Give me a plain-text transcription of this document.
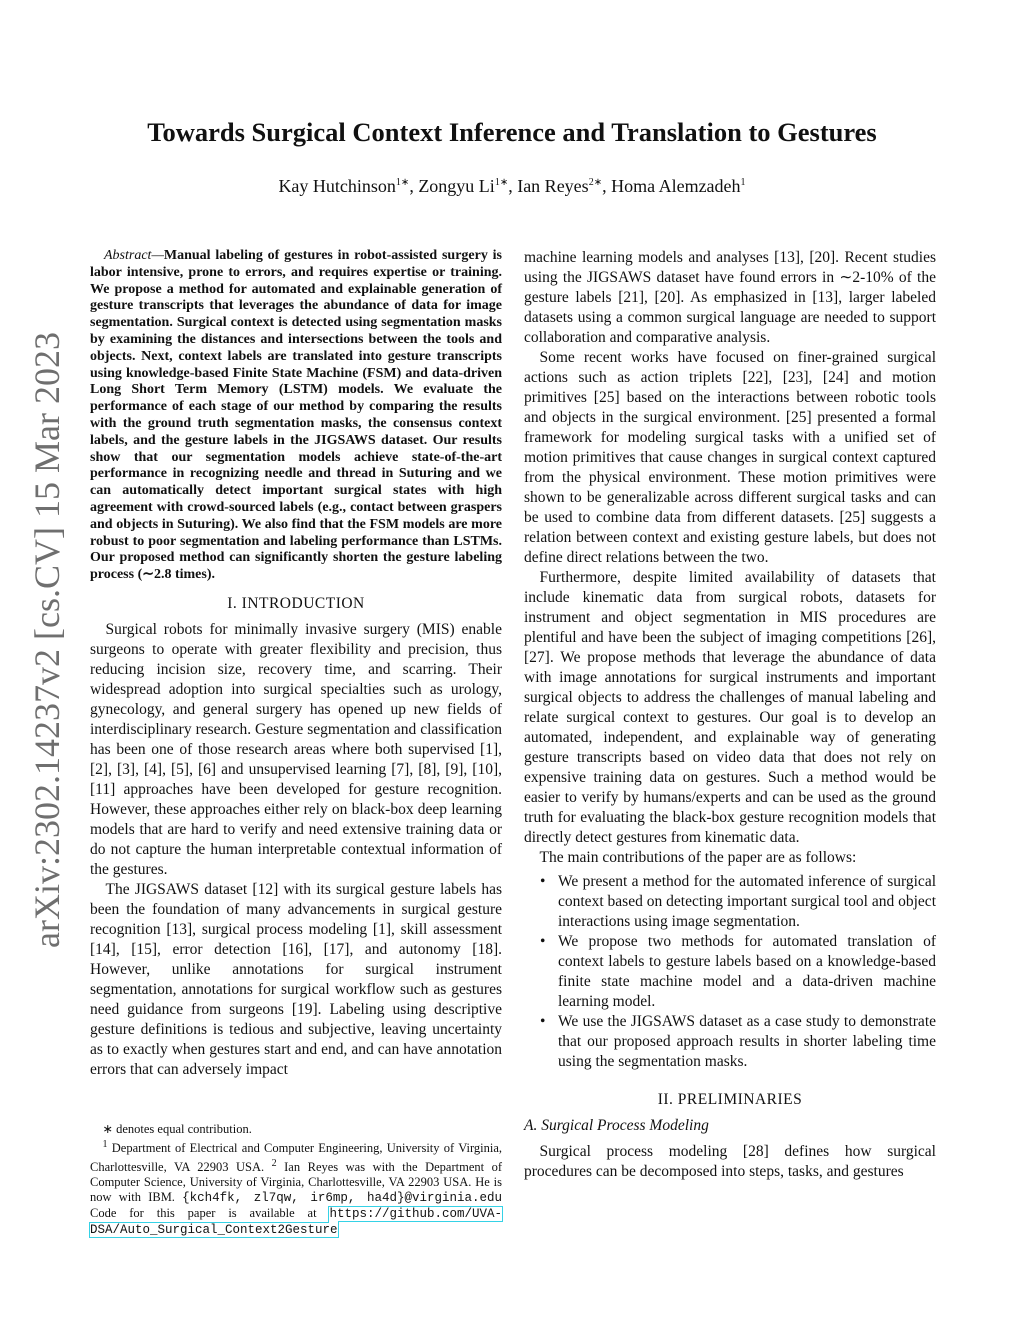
arXiv:2302.14237v2 [cs.CV] 15 Mar 2023
Towards Surgical Context Inference and Translation to Gestures
Kay Hutchinson$^{1∗}$, Zongyu $Li^{1∗}$, Ian Reyes$^{2∗}$, Homa Alemzadeh$^1$
Abstract—Manual labeling of gestures in robot-assisted surgery is labor intensive, prone to errors, and requires expertise or training. We propose a method for automated and explainable generation of gesture transcripts that leverages the abundance of data for image segmentation. Surgical context is detected using segmentation masks by examining the distances and intersections between the tools and objects. Next, context labels are translated into gesture transcripts using knowledge-based Finite State Machine (FSM) and data-driven Long Short Term Memory (LSTM) models. We evaluate the performance of each stage of our method by comparing the results with the ground truth segmentation masks, the consensus context labels, and the gesture labels in the JIGSAWS dataset. Our results show that our segmentation models achieve state-of-the-art performance in recognizing needle and thread in Suturing and we can automatically detect important surgical states with high agreement with crowd-sourced labels (e.g., contact between graspers and objects in Suturing). We also find that the FSM models are more robust to poor segmentation and labeling performance than LSTMs. Our proposed method can significantly shorten the gesture labeling process (∼2.8 times).
I. INTRODUCTION

Surgical robots for minimally invasive surgery (MIS) enable surgeons to operate with greater flexibility and precision, thus reducing incision size, recovery time, and scarring. Their widespread adoption into surgical specialties such as urology, gynecology, and general surgery has opened up new fields of interdisciplinary research. Gesture segmentation and classification has been one of those research areas where both supervised [1], [2], [3], [4], [5], [6] and unsupervised learning [7], [8], [9], [10], [11] approaches have been developed for gesture recognition. However, these approaches either rely on black-box deep learning models that are hard to verify and need extensive training data or do not capture the human interpretable contextual information of the gestures.

The JIGSAWS dataset [12] with its surgical gesture labels has been the foundation of many advancements in surgical gesture recognition [13], surgical process modeling [1], skill assessment [14], [15], error detection [16], [17], and autonomy [18]. However, unlike annotations for surgical instrument segmentation, annotations for surgical workflow such as gestures need guidance from surgeons [19]. Labeling using descriptive gesture definitions is tedious and subjective, leaving uncertainty as to exactly when gestures start and end, and can have annotation errors that can adversely impact

∗ denotes equal contribution.
$^1$ Department of Electrical and Computer Engineering, University of Virginia, Charlottesville, VA 22903 USA. $^2$ Ian Reyes was with the Department of Computer Science, University of Virginia, Charlottesville, VA 22903 USA. He is now with IBM. {kch4fk, zl7qw, ir6mp, ha4d}@virginia.edu Code for this paper is available at https://github.com/UVA-DSA/Auto_Surgical_Context2Gesture

machine learning models and analyses [13], [20]. Recent studies using the JIGSAWS dataset have found errors in ∼2-10% of the gesture labels [21], [20]. As emphasized in [13], larger labeled datasets using a common surgical language are needed to support collaboration and comparative analysis.

Some recent works have focused on finer-grained surgical actions such as action triplets [22], [23], [24] and motion primitives [25] based on the interactions between robotic tools and objects in the surgical environment. [25] presented a formal framework for modeling surgical tasks with a unified set of motion primitives that cause changes in surgical context captured from the physical environment. These motion primitives were shown to be generalizable across different surgical tasks and can be used to combine data from different datasets. [25] suggests a relation between context and existing gesture labels, but does not define direct relations between the two.

Furthermore, despite limited availability of datasets that include kinematic data from surgical robots, datasets for instrument and object segmentation in MIS procedures are plentiful and have been the subject of imaging competitions [26], [27]. We propose methods that leverage the abundance of data with image annotations for surgical instruments and important surgical objects to address the challenges of manual labeling and relate surgical context to gestures. Our goal is to develop an automated, independent, and explainable way of generating gesture transcripts based on video data that does not rely on expensive training data on gestures. Such a method would be easier to verify by humans/experts and can be used as the ground truth for evaluating the black-box gesture recognition models that directly detect gestures from kinematic data.

The main contributions of the paper are as follows:

• We present a method for the automated inference of surgical context based on detecting important surgical tool and object interactions using image segmentation.
• We propose two methods for automated translation of context labels to gesture labels based on a knowledge-based finite state machine model and a data-driven machine learning model.
• We use the JIGSAWS dataset as a case study to demonstrate that our proposed approach results in shorter labeling time using the segmentation masks.
II. PRELIMINARIES
A. Surgical Process Modeling

Surgical process modeling [28] defines how surgical procedures can be decomposed into steps, tasks, and gestures
